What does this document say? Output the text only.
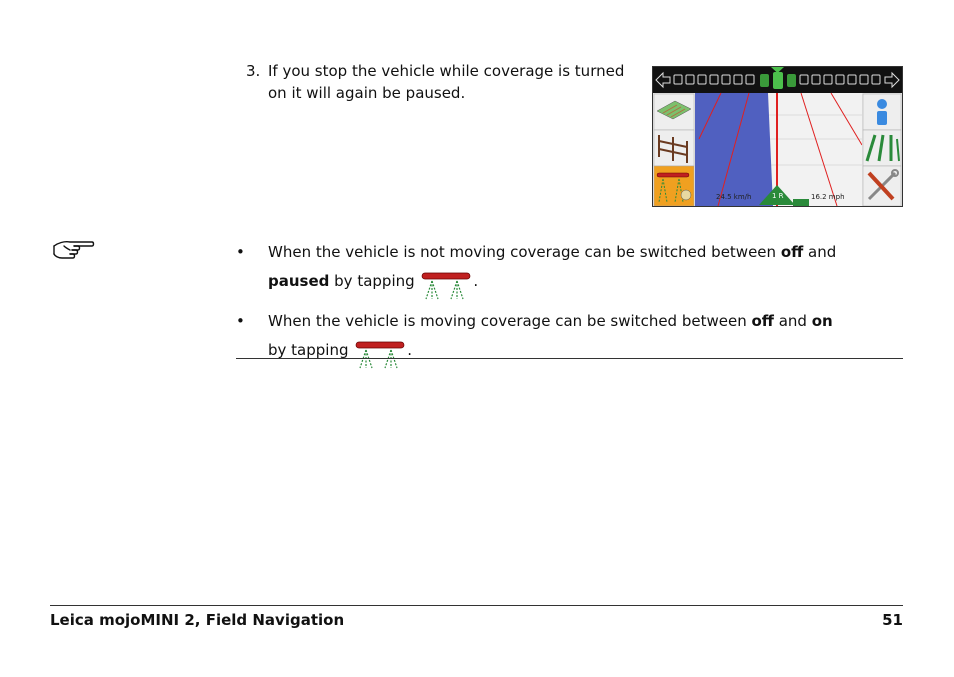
3. If you stop the vehicle while coverage is turned on it will again be paused.
24.5 km/h	1 R	16.2 mph
• When the vehicle is not moving coverage can be switched between off and
paused by tapping	.
• When the vehicle is moving coverage can be switched between off and on
by tapping	.
Leica mojoMINI 2, Field Navigation	51
